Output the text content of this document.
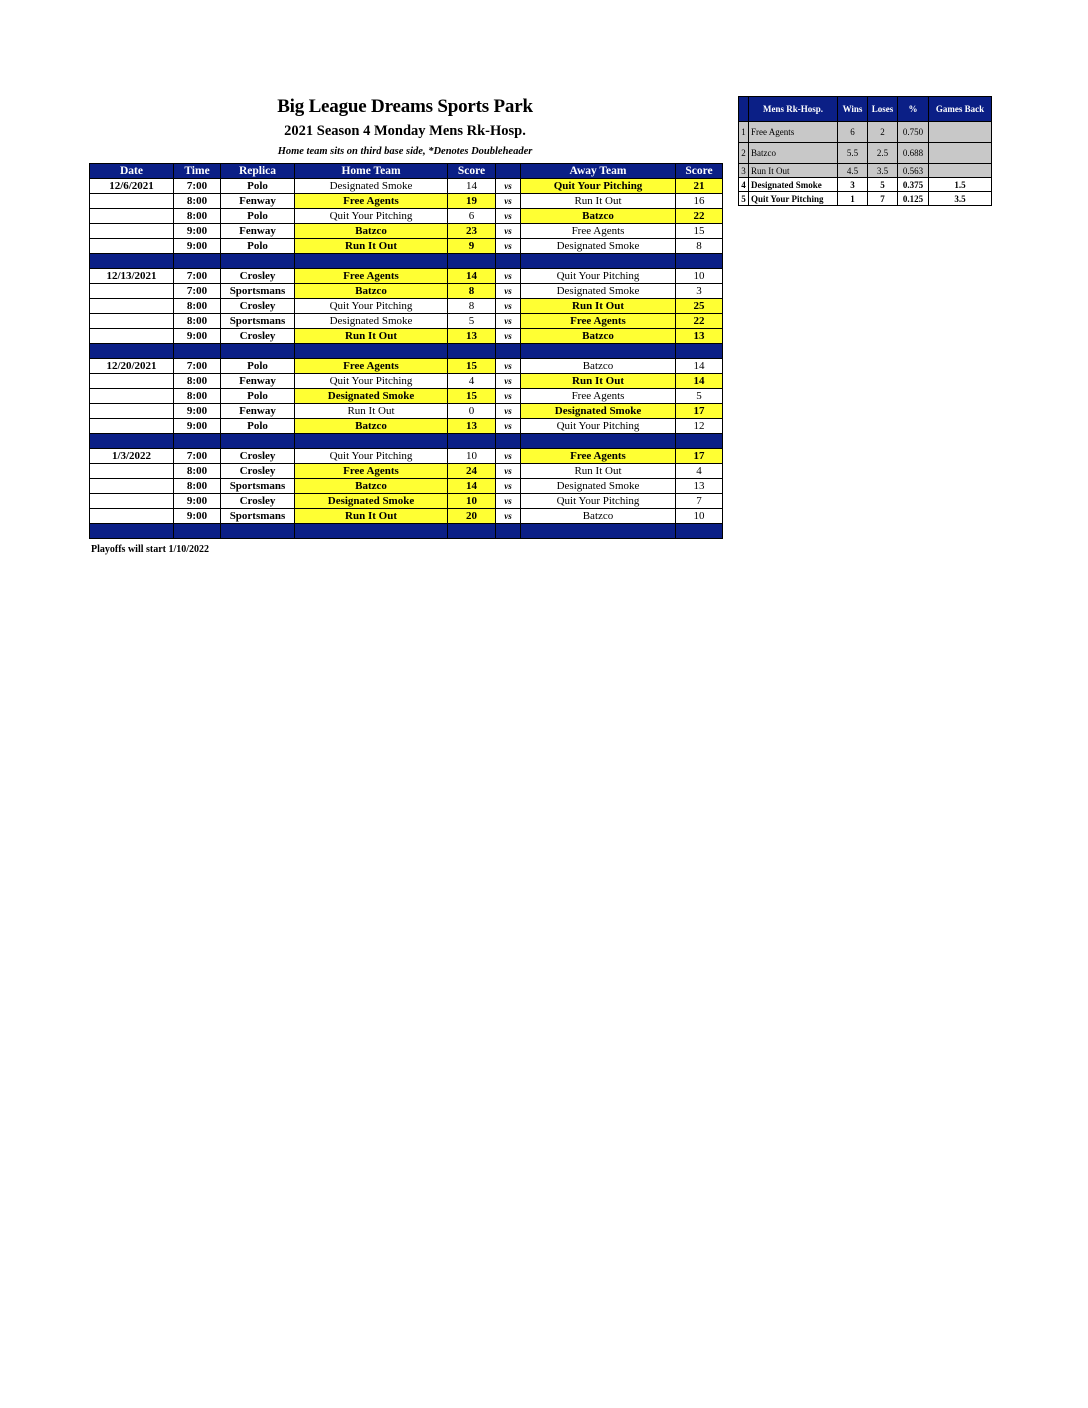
Big League Dreams Sports Park
2021 Season 4 Monday Mens Rk-Hosp.
Home team sits on third base side, *Denotes Doubleheader
Date	Time	Replica	Home Team	Score		Away Team	Score
12/6/2021	7:00	Polo	Designated Smoke	14	vs	Quit Your Pitching	21
	8:00	Fenway	Free Agents	19	vs	Run It Out	16
	8:00	Polo	Quit Your Pitching	6	vs	Batzco	22
	9:00	Fenway	Batzco	23	vs	Free Agents	15
	9:00	Polo	Run It Out	9	vs	Designated Smoke	8

12/13/2021	7:00	Crosley	Free Agents	14	vs	Quit Your Pitching	10
	7:00	Sportsmans	Batzco	8	vs	Designated Smoke	3
	8:00	Crosley	Quit Your Pitching	8	vs	Run It Out	25
	8:00	Sportsmans	Designated Smoke	5	vs	Free Agents	22
	9:00	Crosley	Run It Out	13	vs	Batzco	13

12/20/2021	7:00	Polo	Free Agents	15	vs	Batzco	14
	8:00	Fenway	Quit Your Pitching	4	vs	Run It Out	14
	8:00	Polo	Designated Smoke	15	vs	Free Agents	5
	9:00	Fenway	Run It Out	0	vs	Designated Smoke	17
	9:00	Polo	Batzco	13	vs	Quit Your Pitching	12

1/3/2022	7:00	Crosley	Quit Your Pitching	10	vs	Free Agents	17
	8:00	Crosley	Free Agents	24	vs	Run It Out	4
	8:00	Sportsmans	Batzco	14	vs	Designated Smoke	13
	9:00	Crosley	Designated Smoke	10	vs	Quit Your Pitching	7
	9:00	Sportsmans	Run It Out	20	vs	Batzco	10

Playoffs will start 1/10/2022
	Mens Rk-Hosp.	Wins	Loses	%	Games Back
1	Free Agents	6	2	0.750	
2	Batzco	5.5	2.5	0.688	
3	Run It Out	4.5	3.5	0.563	
4	Designated Smoke	3	5	0.375	1.5
5	Quit Your Pitching	1	7	0.125	3.5
